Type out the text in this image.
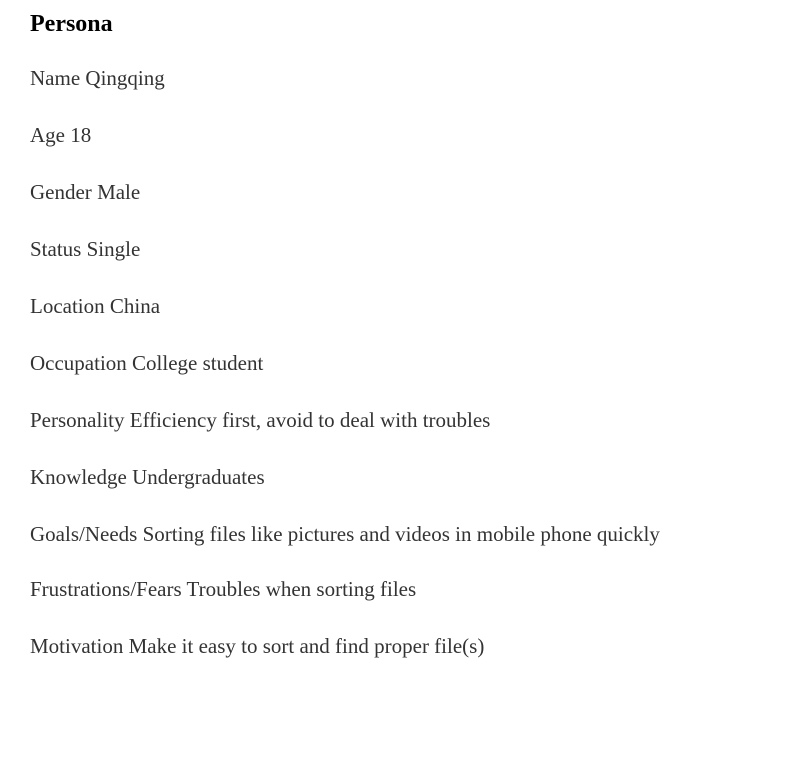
Persona

Name Qingqing

Age 18

Gender Male

Status Single

Location China

Occupation College student

Personality Efficiency first, avoid to deal with troubles

Knowledge Undergraduates

Goals/Needs Sorting files like pictures and videos in mobile phone quickly

Frustrations/Fears Troubles when sorting files

Motivation Make it easy to sort and find proper file(s)
